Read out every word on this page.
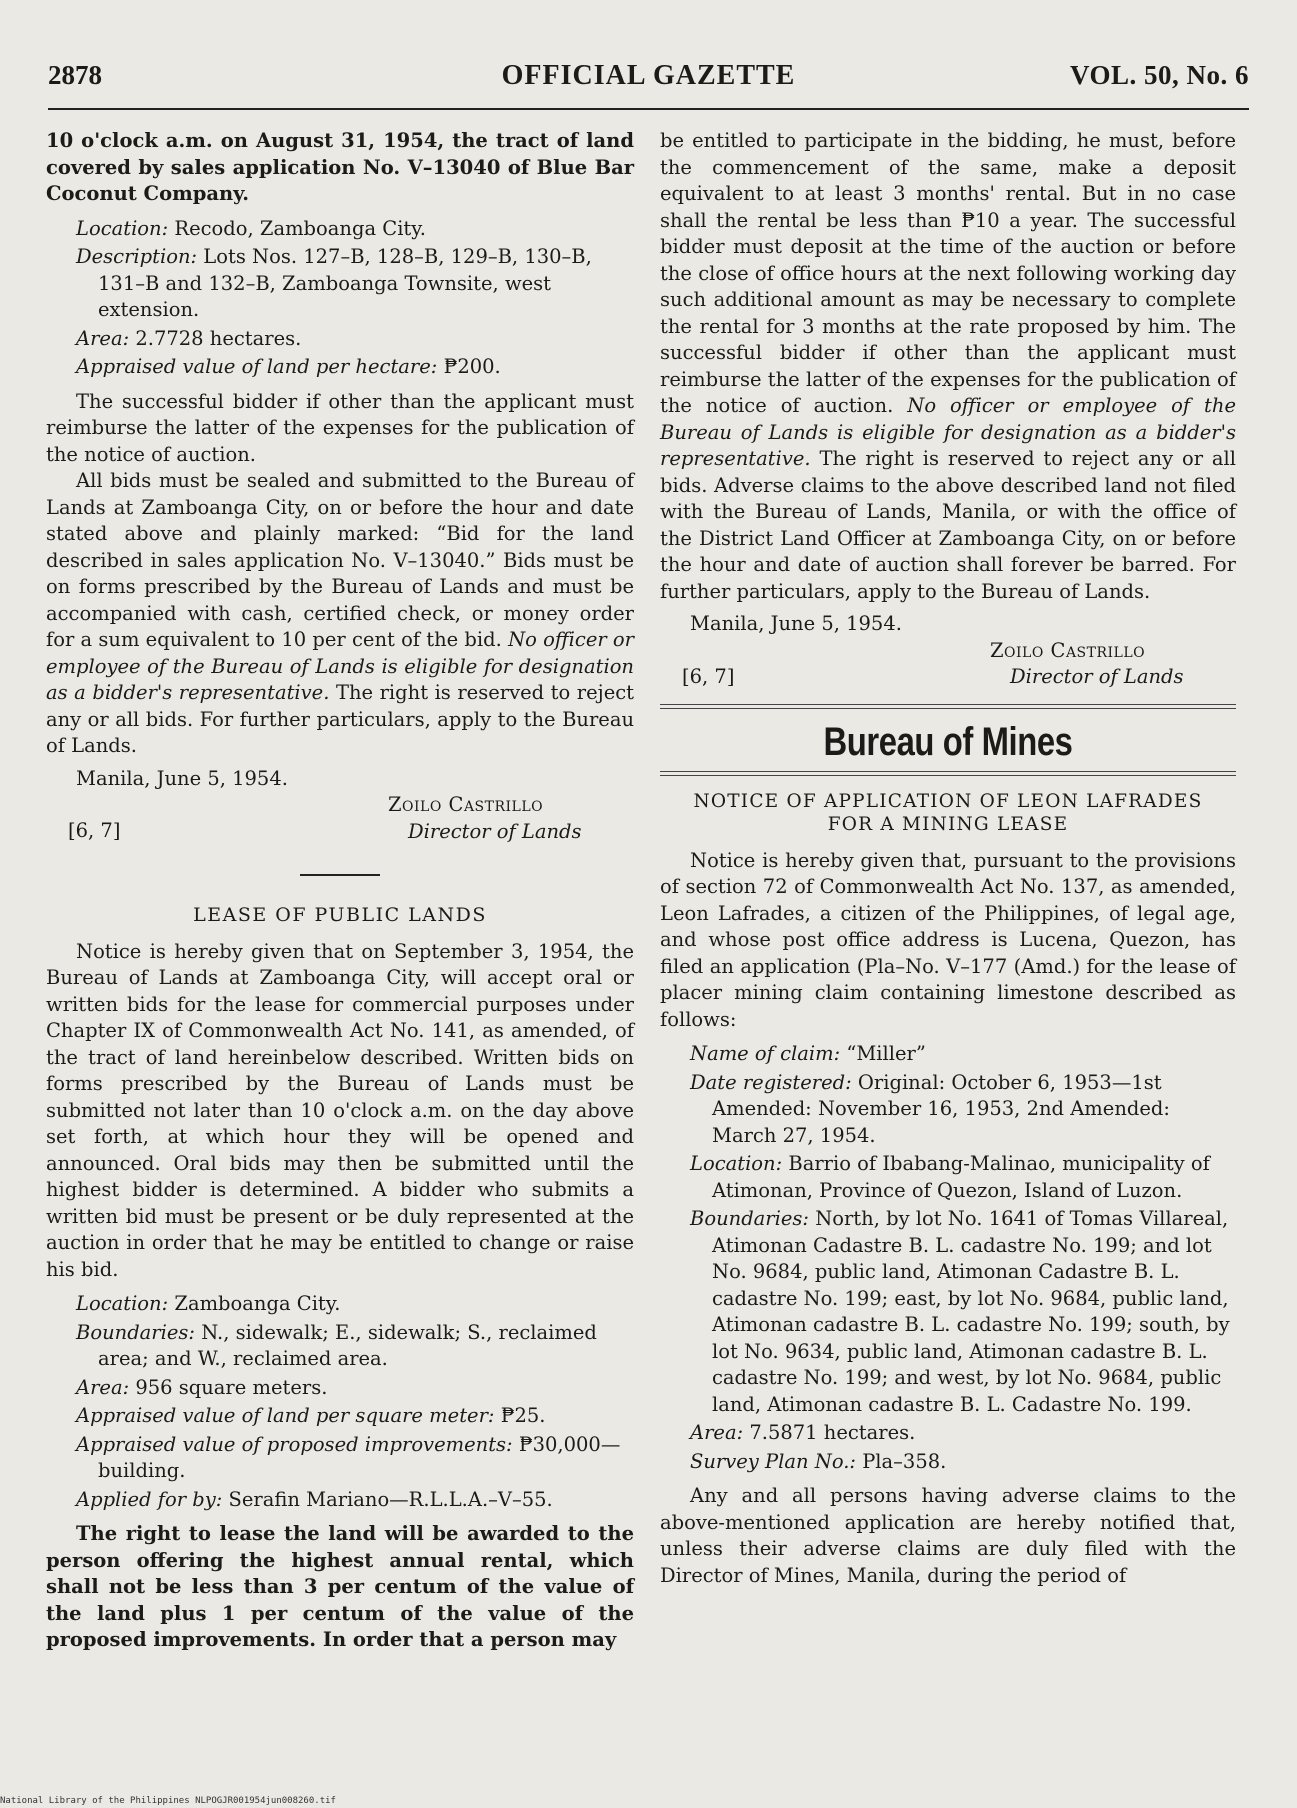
2878	OFFICIAL GAZETTE	VOL. 50, No. 6

10 o'clock a.m. on August 31, 1954, the tract of land covered by sales application No. V–13040 of Blue Bar Coconut Company.

Location: Recodo, Zamboanga City.

Description: Lots Nos. 127–B, 128–B, 129–B, 130–B, 131–B and 132–B, Zamboanga Townsite, west extension.

Area: 2.7728 hectares.

Appraised value of land per hectare: ₱200.

The successful bidder if other than the applicant must reimburse the latter of the expenses for the publication of the notice of auction.

All bids must be sealed and submitted to the Bureau of Lands at Zamboanga City, on or before the hour and date stated above and plainly marked: “Bid for the land described in sales application No. V–13040.” Bids must be on forms prescribed by the Bureau of Lands and must be accompanied with cash, certified check, or money order for a sum equivalent to 10 per cent of the bid. No officer or employee of the Bureau of Lands is eligible for designation as a bidder's representative. The right is reserved to reject any or all bids. For further particulars, apply to the Bureau of Lands.

Manila, June 5, 1954.

[6, 7]
Zoilo Castrillo
Director of Lands

LEASE OF PUBLIC LANDS

Notice is hereby given that on September 3, 1954, the Bureau of Lands at Zamboanga City, will accept oral or written bids for the lease for commercial purposes under Chapter IX of Commonwealth Act No. 141, as amended, of the tract of land hereinbelow described. Written bids on forms prescribed by the Bureau of Lands must be submitted not later than 10 o'clock a.m. on the day above set forth, at which hour they will be opened and announced. Oral bids may then be submitted until the highest bidder is determined. A bidder who submits a written bid must be present or be duly represented at the auction in order that he may be entitled to change or raise his bid.

Location: Zamboanga City.

Boundaries: N., sidewalk; E., sidewalk; S., reclaimed area; and W., reclaimed area.

Area: 956 square meters.

Appraised value of land per square meter: ₱25.

Appraised value of proposed improvements: ₱30,000—building.

Applied for by: Serafin Mariano—R.L.L.A.–V–55.

The right to lease the land will be awarded to the person offering the highest annual rental, which shall not be less than 3 per centum of the value of the land plus 1 per centum of the value of the proposed improvements. In order that a person may

be entitled to participate in the bidding, he must, before the commencement of the same, make a deposit equivalent to at least 3 months' rental. But in no case shall the rental be less than ₱10 a year. The successful bidder must deposit at the time of the auction or before the close of office hours at the next following working day such additional amount as may be necessary to complete the rental for 3 months at the rate proposed by him. The successful bidder if other than the applicant must reimburse the latter of the expenses for the publication of the notice of auction. No officer or employee of the Bureau of Lands is eligible for designation as a bidder's representative. The right is reserved to reject any or all bids. Adverse claims to the above described land not filed with the Bureau of Lands, Manila, or with the office of the District Land Officer at Zamboanga City, on or before the hour and date of auction shall forever be barred. For further particulars, apply to the Bureau of Lands.

Manila, June 5, 1954.

[6, 7]
Zoilo Castrillo
Director of Lands
Bureau of Mines

NOTICE OF APPLICATION OF LEON LAFRADES FOR A MINING LEASE

Notice is hereby given that, pursuant to the provisions of section 72 of Commonwealth Act No. 137, as amended, Leon Lafrades, a citizen of the Philippines, of legal age, and whose post office address is Lucena, Quezon, has filed an application (Pla–No. V–177 (Amd.) for the lease of placer mining claim containing limestone described as follows:

Name of claim: “Miller”

Date registered: Original: October 6, 1953—1st Amended: November 16, 1953, 2nd Amended: March 27, 1954.

Location: Barrio of Ibabang-Malinao, municipality of Atimonan, Province of Quezon, Island of Luzon.

Boundaries: North, by lot No. 1641 of Tomas Villareal, Atimonan Cadastre B. L. cadastre No. 199; and lot No. 9684, public land, Atimonan Cadastre B. L. cadastre No. 199; east, by lot No. 9684, public land, Atimonan cadastre B. L. cadastre No. 199; south, by lot No. 9634, public land, Atimonan cadastre B. L. cadastre No. 199; and west, by lot No. 9684, public land, Atimonan cadastre B. L. Cadastre No. 199.

Area: 7.5871 hectares.

Survey Plan No.: Pla–358.

Any and all persons having adverse claims to the above-mentioned application are hereby notified that, unless their adverse claims are duly filed with the Director of Mines, Manila, during the period of

National Library of the Philippines NLPOGJR001954jun008260.tif
